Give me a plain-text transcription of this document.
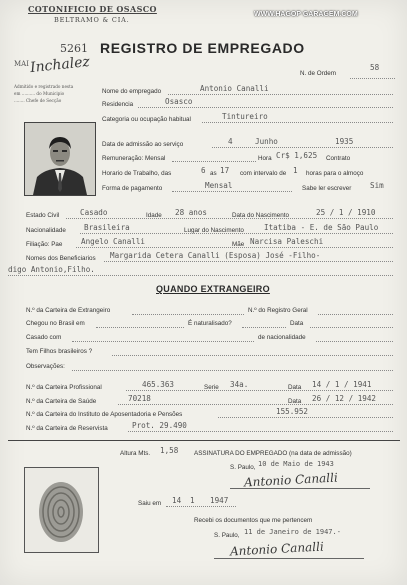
COTONIFICIO DE OSASCO
BELTRAMO & CIA.
WWW.HAGOP GARAGEM.COM
5261 REGISTRO DE EMPREGADO
MAI Inchalez	N. de Ordem
58
Admitido e registrado nesta
em .......... do Municipio
........ Chefe de Secção
Nome do empregado	Antonio Canalli
Residencia	Osasco
Categoria ou ocupação habitual	Tintureiro
Data de admissão ao serviço	4	Junho	1935
Remuneração: Mensal	Hora Cr$ 1,625 Contrato
Horario de Trabalho, das	6 as 17 com intervalo de 1 horas para o almoço
Forma de pagamento	Mensal	Sabe ler escrever Sim
Estado Civil	Casado	Idade 28 anos	Data do Nascimento	25 / 1 / 1910
Nacionalidade Brasileira	Lugar do Nascimento	Itatiba - E. de São Paulo
Filiação: Pae Angelo Canalli	Mãe Narcisa Paleschi
Nomes dos Beneficiarios Margarida Cetera Canalli (Esposa) José -Filho-
digo Antonio,Filho.
QUANDO EXTRANGEIRO
N.º da Carteira de Extrangeiro	N.º do Registro Geral
Chegou no Brasil em	É naturalisado?	Data
Casado com	de nacionalidade
Tem Filhos brasileiros ?
Observações:
N.º da Carteira Profissional	465.363	Serie 34a.	Data 14 / 1 / 1941
N.º da Carteira de Saúde	70218	Data 26 / 12 / 1942
N.º da Carteira do Instituto de Aposentadoria e Pensões	155.952
N.º da Carteira de Reservista	Prot. 29.490
Altura Mts. 1,58 ASSINATURA DO EMPREGADO (na data de admissão)
S. Paulo, 10 de Maio de 1943
Antonio Canalli
Saiu em 14 1 1947
Recebi os documentos que me pertencem
S. Paulo, 11 de Janeiro de 1947.-
Antonio Canalli
